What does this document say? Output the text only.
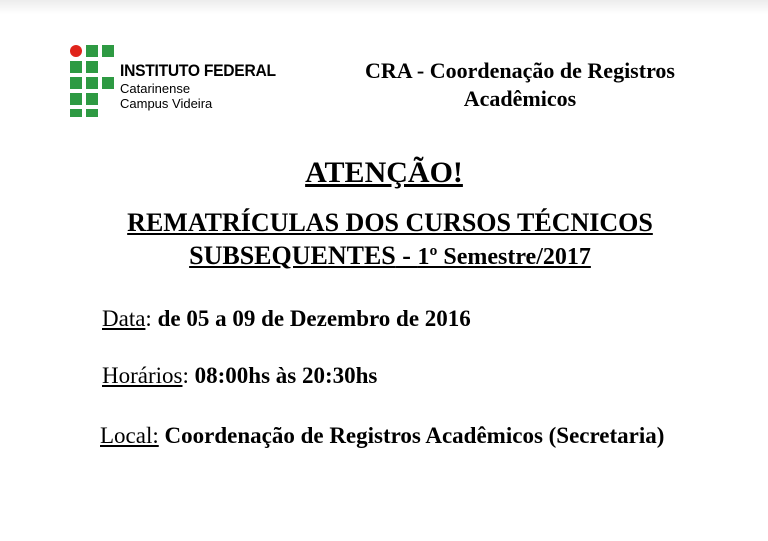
INSTITUTO FEDERAL
Catarinense
Campus Videira
CRA - Coordenação de Registros
Acadêmicos
ATENÇÃO!
REMATRÍCULAS DOS CURSOS TÉCNICOS
SUBSEQUENTES - 1º Semestre/2017
Data: de 05 a 09 de Dezembro de 2016
Horários: 08:00hs às 20:30hs
Local: Coordenação de Registros Acadêmicos (Secretaria)
